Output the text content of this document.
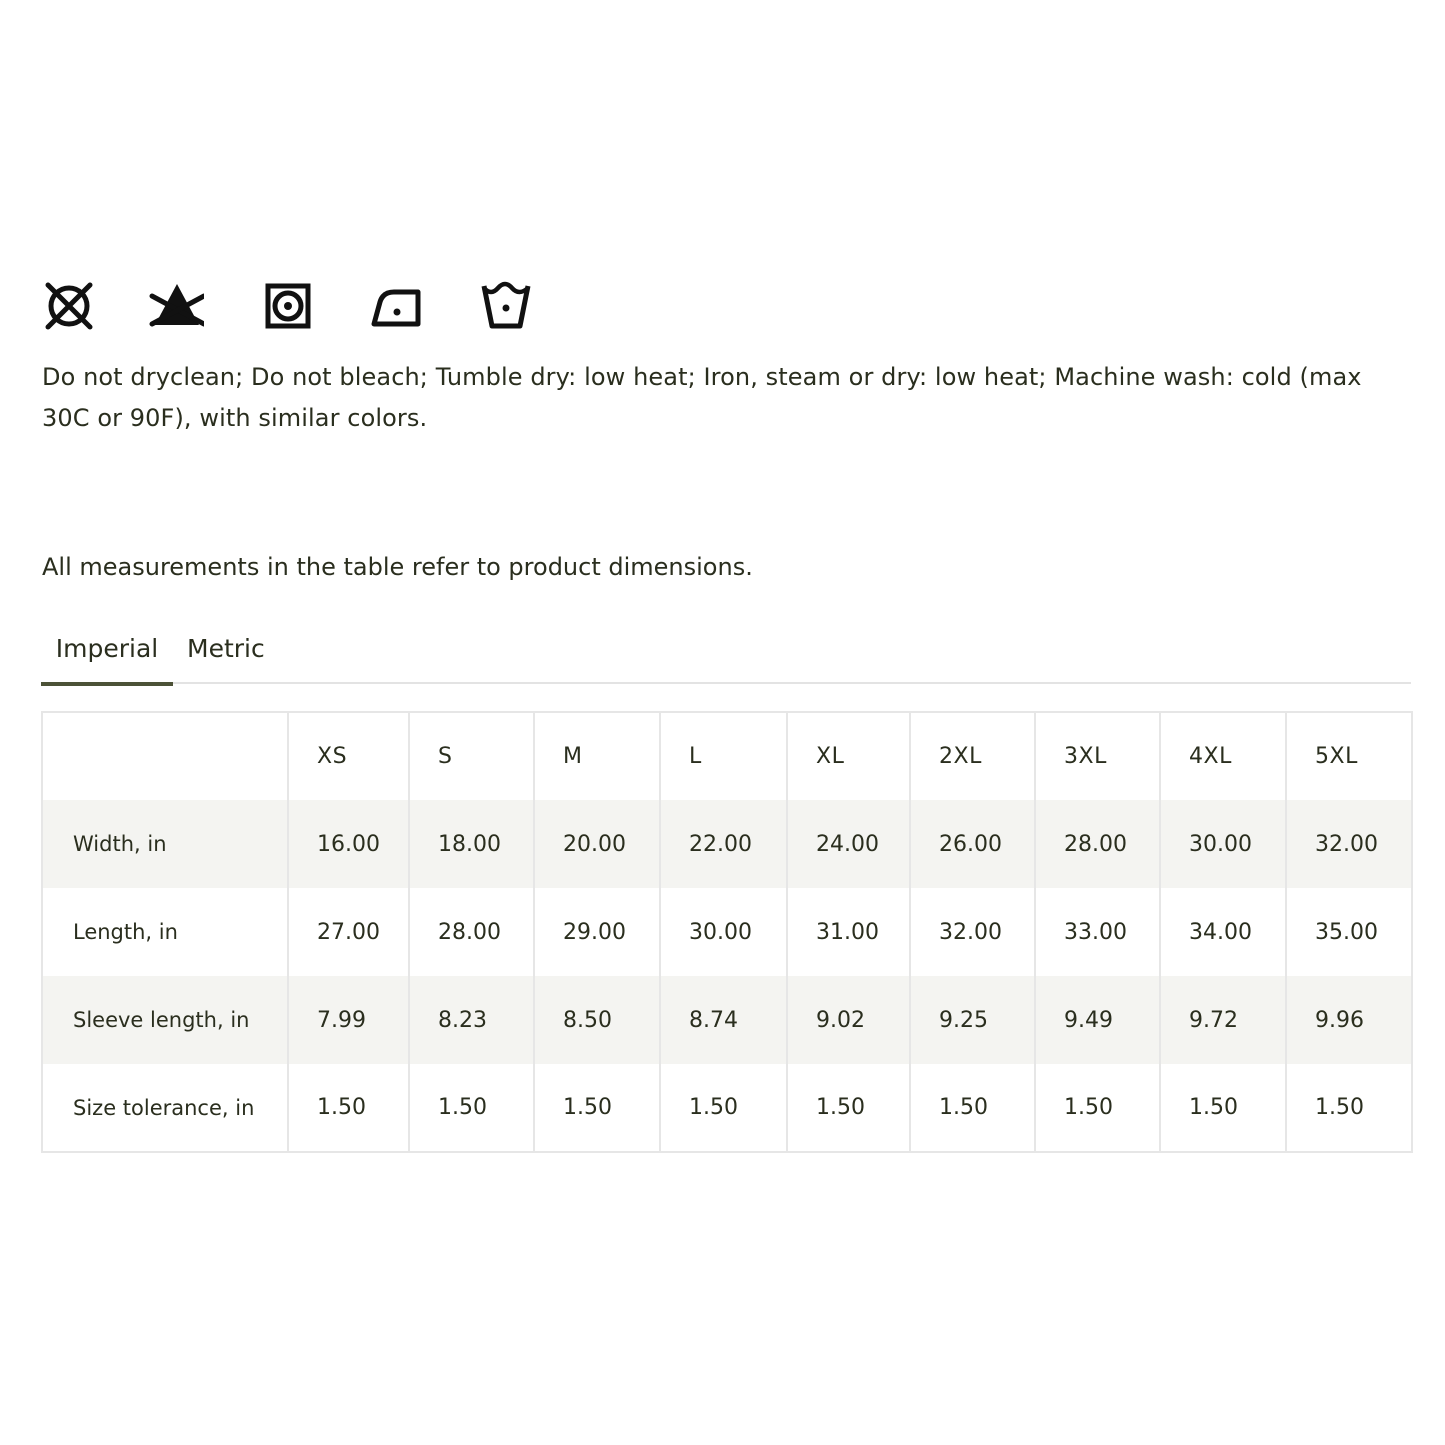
Do not dryclean; Do not bleach; Tumble dry: low heat; Iron, steam or dry: low heat; Machine wash: cold (max 30C or 90F), with similar colors.

All measurements in the table refer to product dimensions.

Imperial	Metric
	XS	S	M	L	XL	2XL	3XL	4XL	5XL
Width, in	16.00	18.00	20.00	22.00	24.00	26.00	28.00	30.00	32.00
Length, in	27.00	28.00	29.00	30.00	31.00	32.00	33.00	34.00	35.00
Sleeve length, in	7.99	8.23	8.50	8.74	9.02	9.25	9.49	9.72	9.96
Size tolerance, in	1.50	1.50	1.50	1.50	1.50	1.50	1.50	1.50	1.50
